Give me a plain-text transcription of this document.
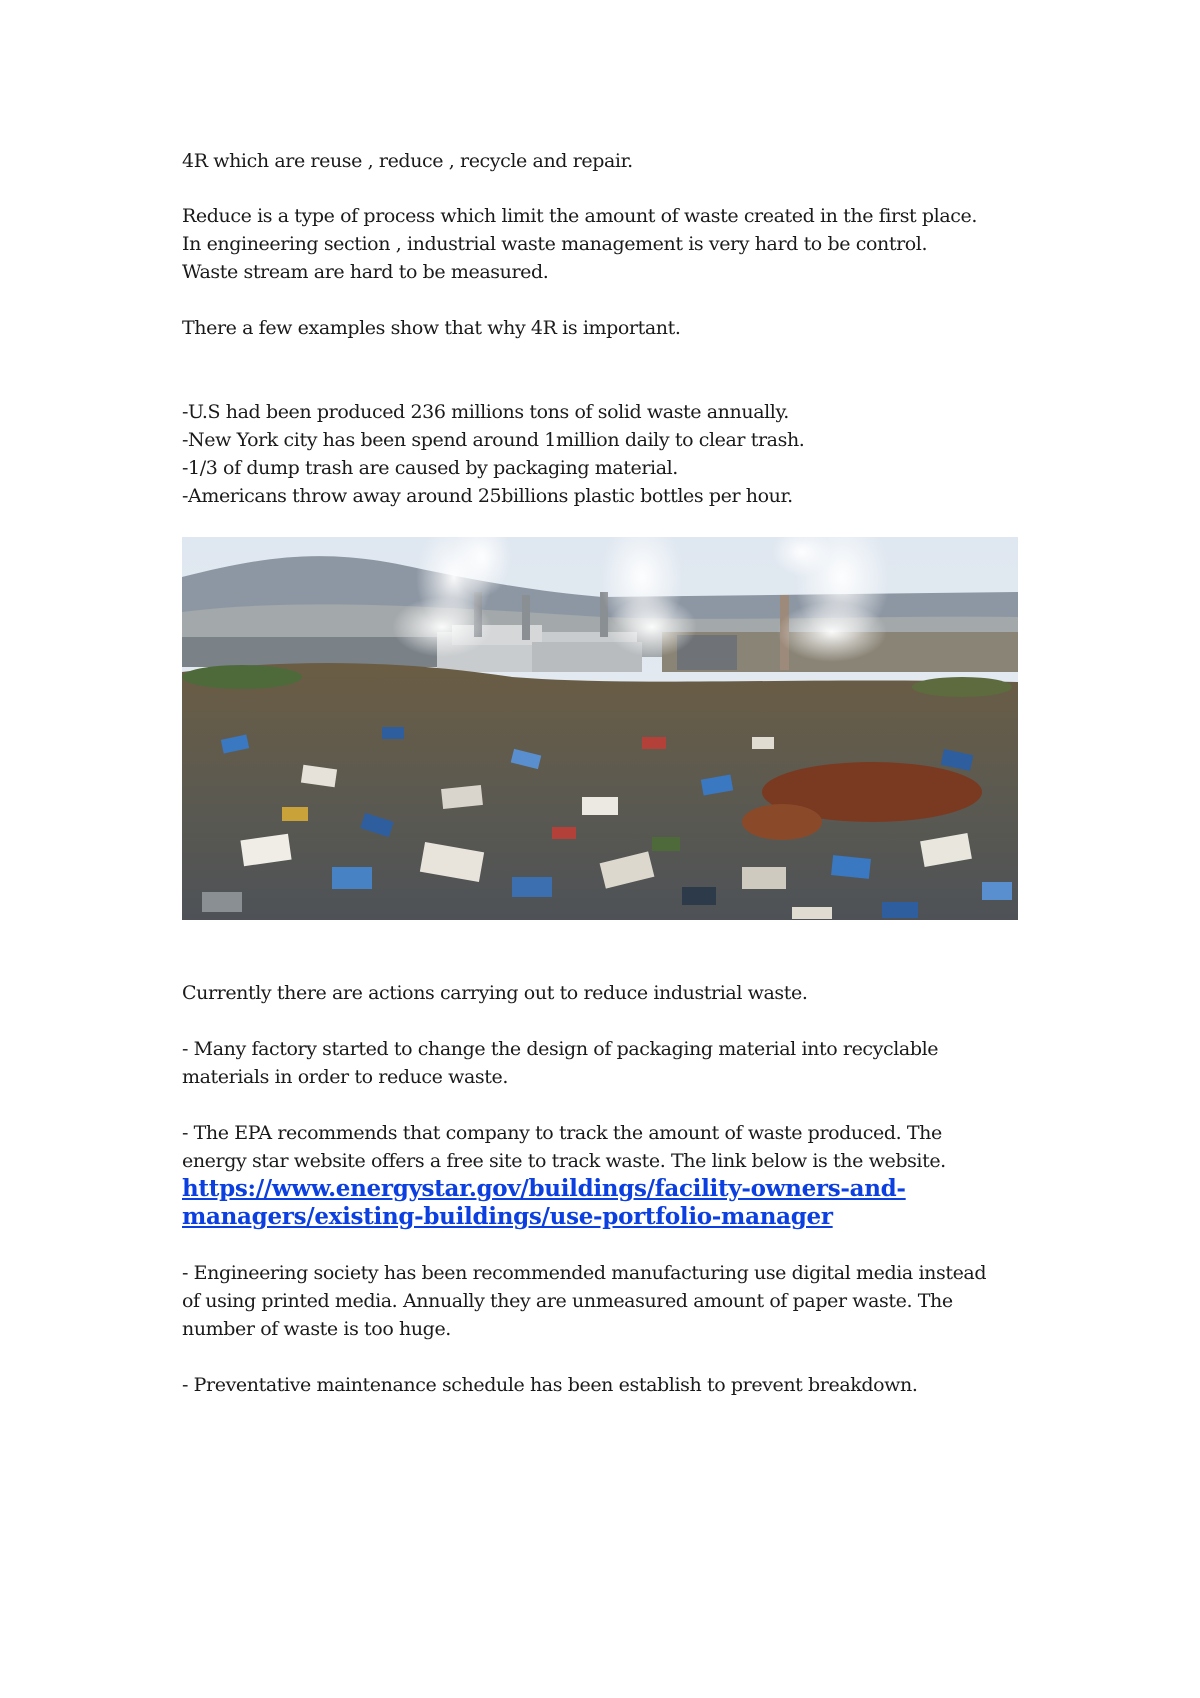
4R which are reuse , reduce , recycle and repair.
Reduce is a type of process which limit the amount of waste created in the first place.
In engineering section , industrial waste management is very hard to be control.
Waste stream are hard to be measured.
There a few examples show that why 4R is important.
-U.S had been produced 236 millions tons of solid waste annually.
-New York city has been spend around 1million daily to clear trash.
-1/3 of dump trash are caused by packaging material.
-Americans throw away around 25billions plastic bottles per hour.
Currently there are actions carrying out to reduce industrial waste.
- Many factory started to change the design of packaging material into recyclable
materials in order to reduce waste.
- The EPA recommends that company to track the amount of waste produced. The
energy star website offers a free site to track waste. The link below is the website.
https://www.energystar.gov/buildings/facility-owners-and-
managers/existing-buildings/use-portfolio-manager
- Engineering society has been recommended manufacturing use digital media instead
of using printed media. Annually they are unmeasured amount of paper waste. The
number of waste is too huge.
- Preventative maintenance schedule has been establish to prevent breakdown.
